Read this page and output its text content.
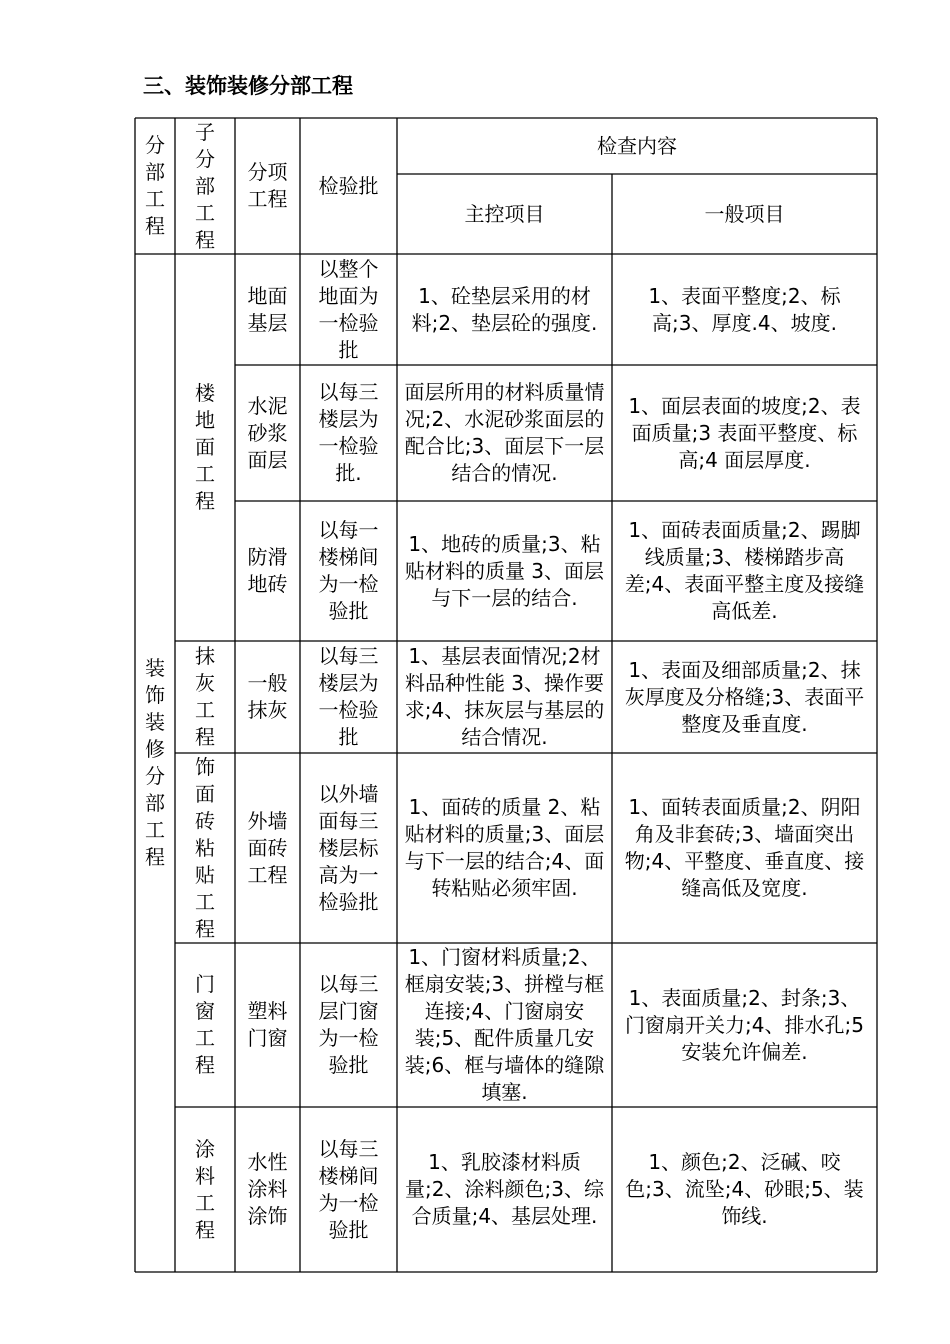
三、装饰装修分部工程
分部工程
子分部工程
分项工程
检验批
检查内容
主控项目	一般项目
装饰装修分部工程
楼地面工程
抹灰工程
饰面砖粘贴工程
门窗工程
涂料工程
地面基层
以整个地面为一检验批
1、砼垫层采用的材料;2、垫层砼的强度.
1、表面平整度;2、标高;3、厚度.4、坡度.
水泥砂浆面层
以每三楼层为一检验批.
面层所用的材料质量情况;2、水泥砂浆面层的配合比;3、面层下一层结合的情况.
1、面层表面的坡度;2、表面质量;3 表面平整度、标高;4 面层厚度.
防滑地砖
以每一楼梯间为一检验批
1、地砖的质量;3、粘贴材料的质量 3、面层与下一层的结合.
1、面砖表面质量;2、踢脚线质量;3、楼梯踏步高差;4、表面平整主度及接缝高低差.
一般抹灰
以每三楼层为一检验批
1、基层表面情况;2材料品种性能 3、操作要求;4、抹灰层与基层的结合情况.
1、表面及细部质量;2、抹灰厚度及分格缝;3、表面平整度及垂直度.
外墙面砖工程
以外墙面每三楼层标高为一检验批
1、面砖的质量 2、粘贴材料的质量;3、面层与下一层的结合;4、面转粘贴必须牢固.
1、面转表面质量;2、阴阳角及非套砖;3、墙面突出物;4、平整度、垂直度、接缝高低及宽度.
塑料门窗
以每三层门窗为一检验批
1、门窗材料质量;2、框扇安装;3、拼樘与框连接;4、门窗扇安装;5、配件质量几安装;6、框与墙体的缝隙填塞.
1、表面质量;2、封条;3、门窗扇开关力;4、排水孔;5 安装允许偏差.
水性涂料涂饰
以每三楼梯间为一检验批
1、乳胶漆材料质量;2、涂料颜色;3、综合质量;4、基层处理.
1、颜色;2、泛碱、咬色;3、流坠;4、砂眼;5、装饰线.
